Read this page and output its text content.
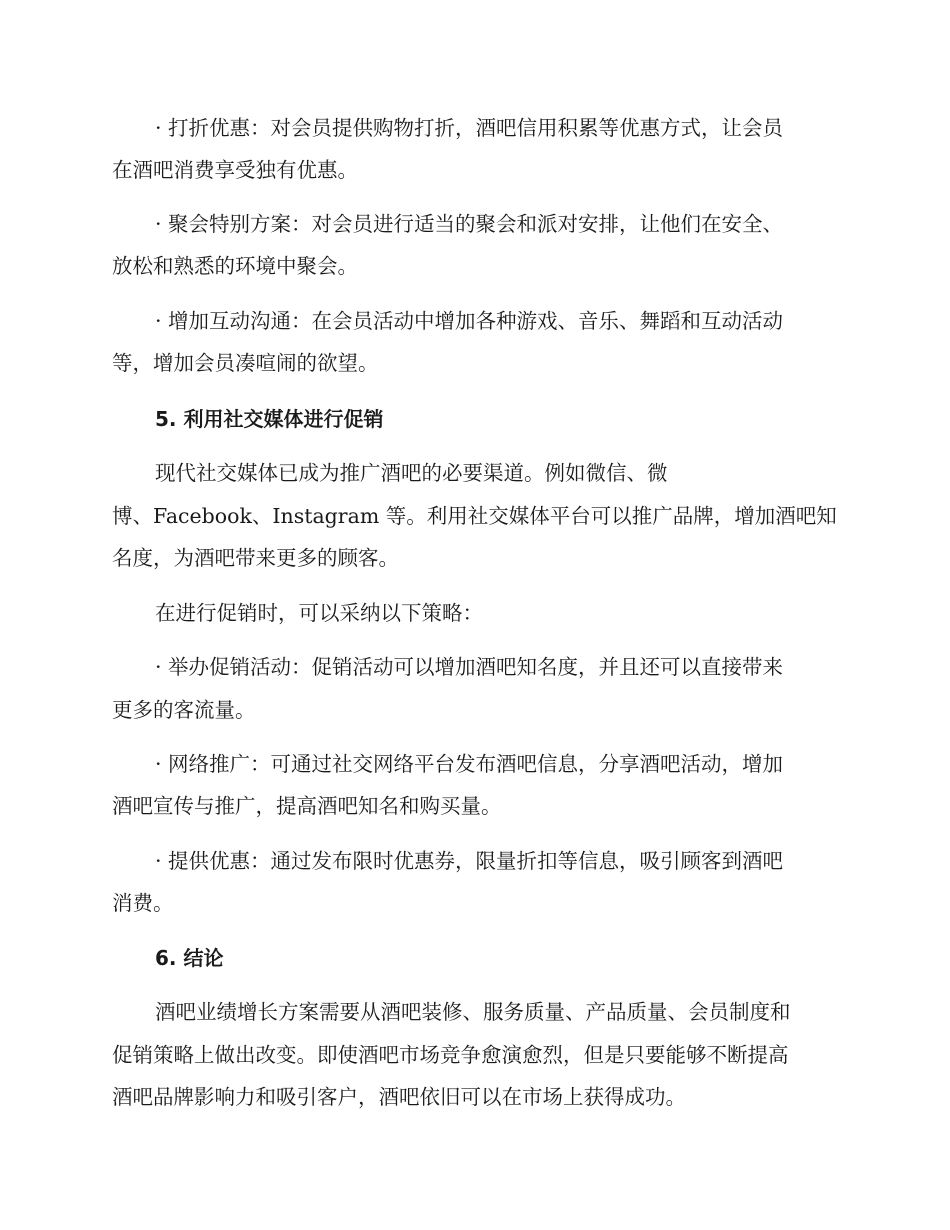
· 打折优惠：对会员提供购物打折，酒吧信用积累等优惠方式，让会员
在酒吧消费享受独有优惠。
· 聚会特别方案：对会员进行适当的聚会和派对安排，让他们在安全、
放松和熟悉的环境中聚会。
· 增加互动沟通：在会员活动中增加各种游戏、音乐、舞蹈和互动活动
等，增加会员凑喧闹的欲望。
5. 利用社交媒体进行促销
现代社交媒体已成为推广酒吧的必要渠道。例如微信、微
博、Facebook、Instagram 等。利用社交媒体平台可以推广品牌，增加酒吧知
名度，为酒吧带来更多的顾客。
在进行促销时，可以采纳以下策略：
· 举办促销活动：促销活动可以增加酒吧知名度，并且还可以直接带来
更多的客流量。
· 网络推广：可通过社交网络平台发布酒吧信息，分享酒吧活动，增加
酒吧宣传与推广，提高酒吧知名和购买量。
· 提供优惠：通过发布限时优惠券，限量折扣等信息，吸引顾客到酒吧
消费。
6. 结论
酒吧业绩增长方案需要从酒吧装修、服务质量、产品质量、会员制度和
促销策略上做出改变。即使酒吧市场竞争愈演愈烈，但是只要能够不断提高
酒吧品牌影响力和吸引客户，酒吧依旧可以在市场上获得成功。
